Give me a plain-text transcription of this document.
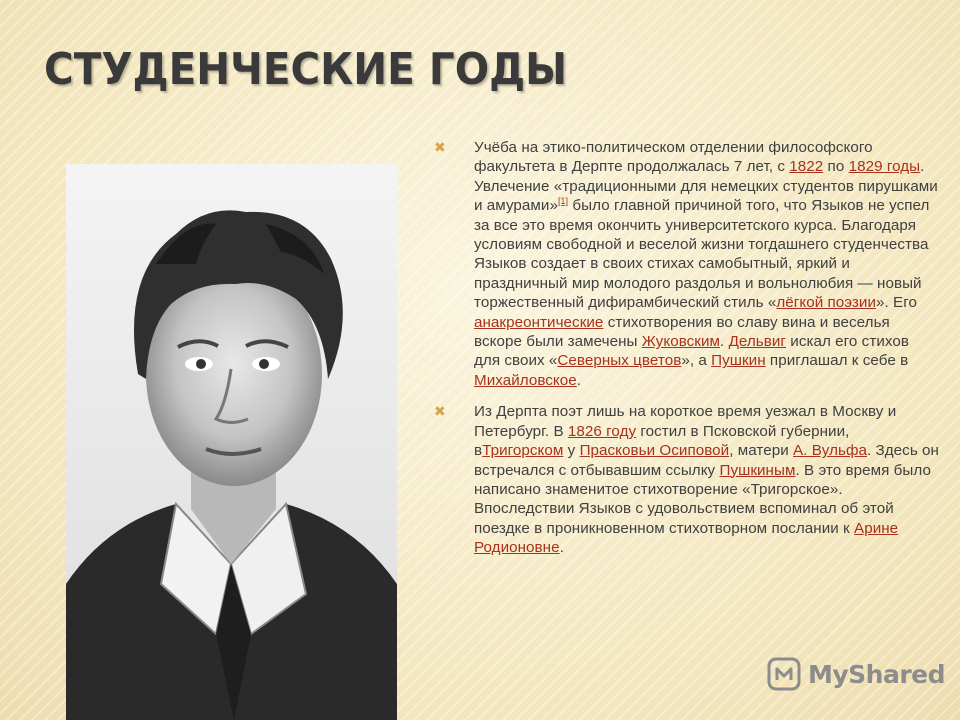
СТУДЕНЧЕСКИЕ ГОДЫ
✖ Учёба на этико-политическом отделении философского факультета в Дерпте продолжалась 7 лет, с 1822 по 1829 годы. Увлечение «традиционными для немецких студентов пирушками и амурами»[1] было главной причиной того, что Языков не успел за все это время окончить университетского курса. Благодаря условиям свободной и веселой жизни тогдашнего студенчества Языков создает в своих стихах самобытный, яркий и праздничный мир молодого раздолья и вольнолюбия — новый торжественный дифирамбический стиль «лёгкой поэзии». Его анакреонтические стихотворения во славу вина и веселья вскоре были замечены Жуковским. Дельвиг искал его стихов для своих «Северных цветов», а Пушкин приглашал к себе в Михайловское.
✖ Из Дерпта поэт лишь на короткое время уезжал в Москву и Петербург. В 1826 году гостил в Псковской губернии, вТригорском у Прасковьи Осиповой, матери А. Вульфа. Здесь он встречался с отбывавшим ссылку Пушкиным. В это время было написано знаменитое стихотворение «Тригорское». Впоследствии Языков с удовольствием вспоминал об этой поездке в проникновенном стихотворном послании к Арине Родионовне.
MyShared
